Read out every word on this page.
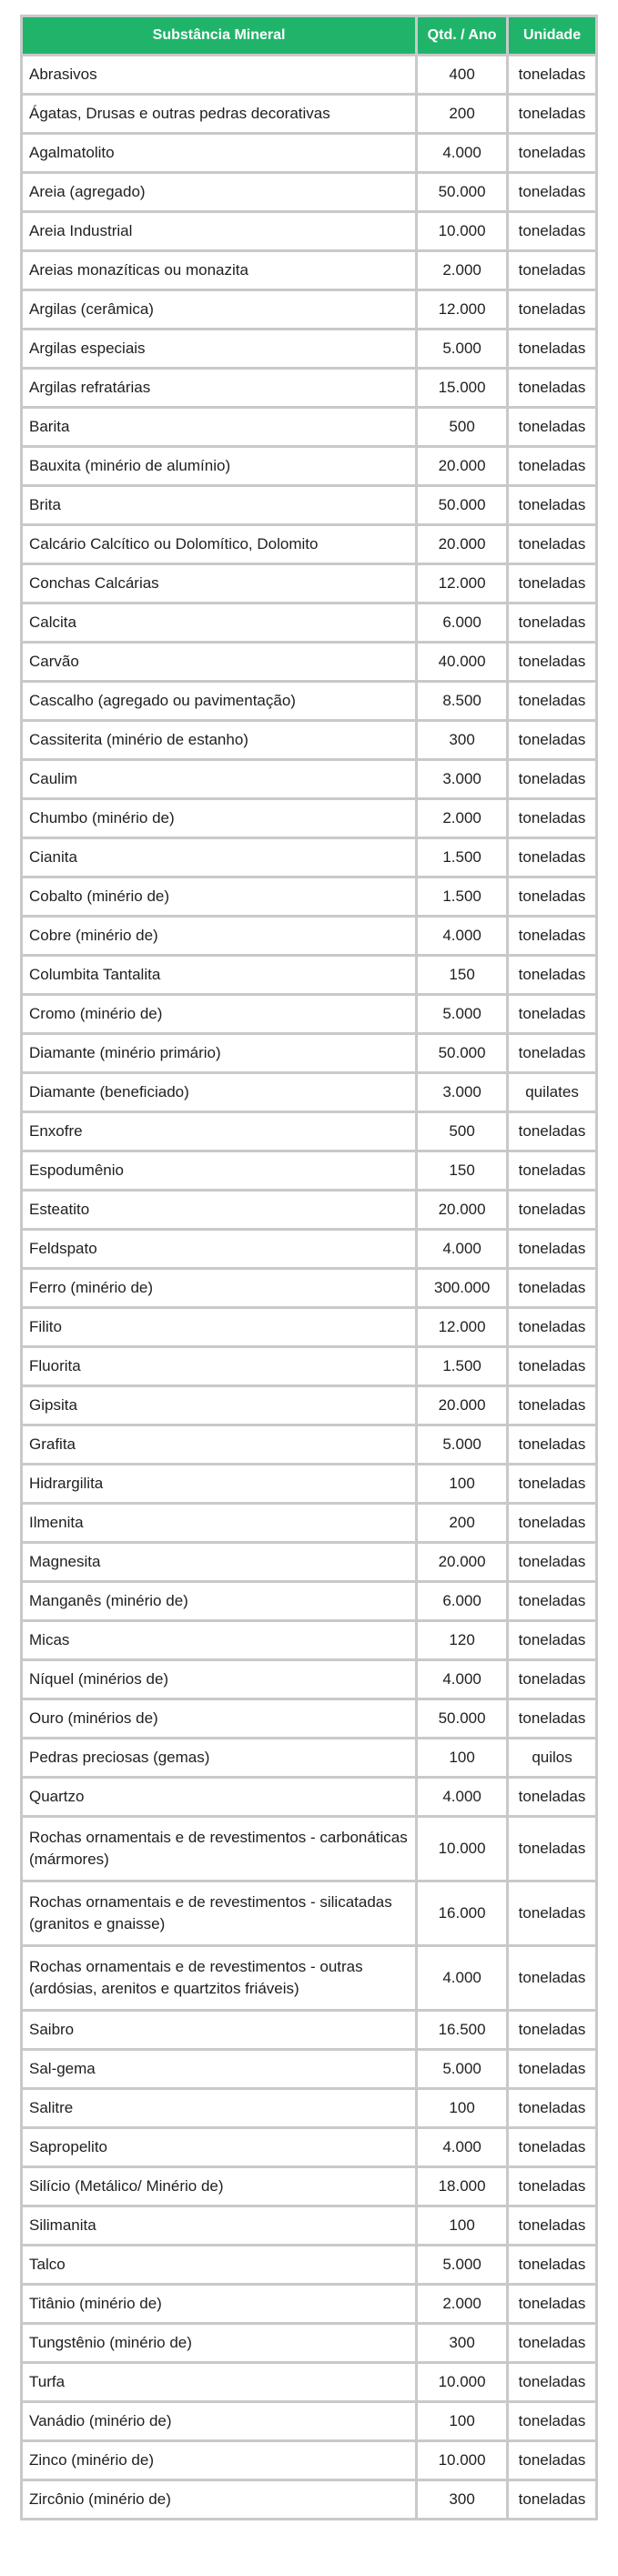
Substância Mineral	Qtd. / Ano	Unidade
Abrasivos	400	toneladas
Ágatas, Drusas e outras pedras decorativas	200	toneladas
Agalmatolito	4.000	toneladas
Areia (agregado)	50.000	toneladas
Areia Industrial	10.000	toneladas
Areias monazíticas ou monazita	2.000	toneladas
Argilas (cerâmica)	12.000	toneladas
Argilas especiais	5.000	toneladas
Argilas refratárias	15.000	toneladas
Barita	500	toneladas
Bauxita (minério de alumínio)	20.000	toneladas
Brita	50.000	toneladas
Calcário Calcítico ou Dolomítico, Dolomito	20.000	toneladas
Conchas Calcárias	12.000	toneladas
Calcita	6.000	toneladas
Carvão	40.000	toneladas
Cascalho (agregado ou pavimentação)	8.500	toneladas
Cassiterita (minério de estanho)	300	toneladas
Caulim	3.000	toneladas
Chumbo (minério de)	2.000	toneladas
Cianita	1.500	toneladas
Cobalto (minério de)	1.500	toneladas
Cobre (minério de)	4.000	toneladas
Columbita Tantalita	150	toneladas
Cromo (minério de)	5.000	toneladas
Diamante (minério primário)	50.000	toneladas
Diamante (beneficiado)	3.000	quilates
Enxofre	500	toneladas
Espodumênio	150	toneladas
Esteatito	20.000	toneladas
Feldspato	4.000	toneladas
Ferro (minério de)	300.000	toneladas
Filito	12.000	toneladas
Fluorita	1.500	toneladas
Gipsita	20.000	toneladas
Grafita	5.000	toneladas
Hidrargilita	100	toneladas
Ilmenita	200	toneladas
Magnesita	20.000	toneladas
Manganês (minério de)	6.000	toneladas
Micas	120	toneladas
Níquel (minérios de)	4.000	toneladas
Ouro (minérios de)	50.000	toneladas
Pedras preciosas (gemas)	100	quilos
Quartzo	4.000	toneladas
Rochas ornamentais e de revestimentos - carbonáticas (mármores)	10.000	toneladas
Rochas ornamentais e de revestimentos - silicatadas (granitos e gnaisse)	16.000	toneladas
Rochas ornamentais e de revestimentos - outras (ardósias, arenitos e quartzitos friáveis)	4.000	toneladas
Saibro	16.500	toneladas
Sal-gema	5.000	toneladas
Salitre	100	toneladas
Sapropelito	4.000	toneladas
Silício (Metálico/ Minério de)	18.000	toneladas
Silimanita	100	toneladas
Talco	5.000	toneladas
Titânio (minério de)	2.000	toneladas
Tungstênio (minério de)	300	toneladas
Turfa	10.000	toneladas
Vanádio (minério de)	100	toneladas
Zinco (minério de)	10.000	toneladas
Zircônio (minério de)	300	toneladas
